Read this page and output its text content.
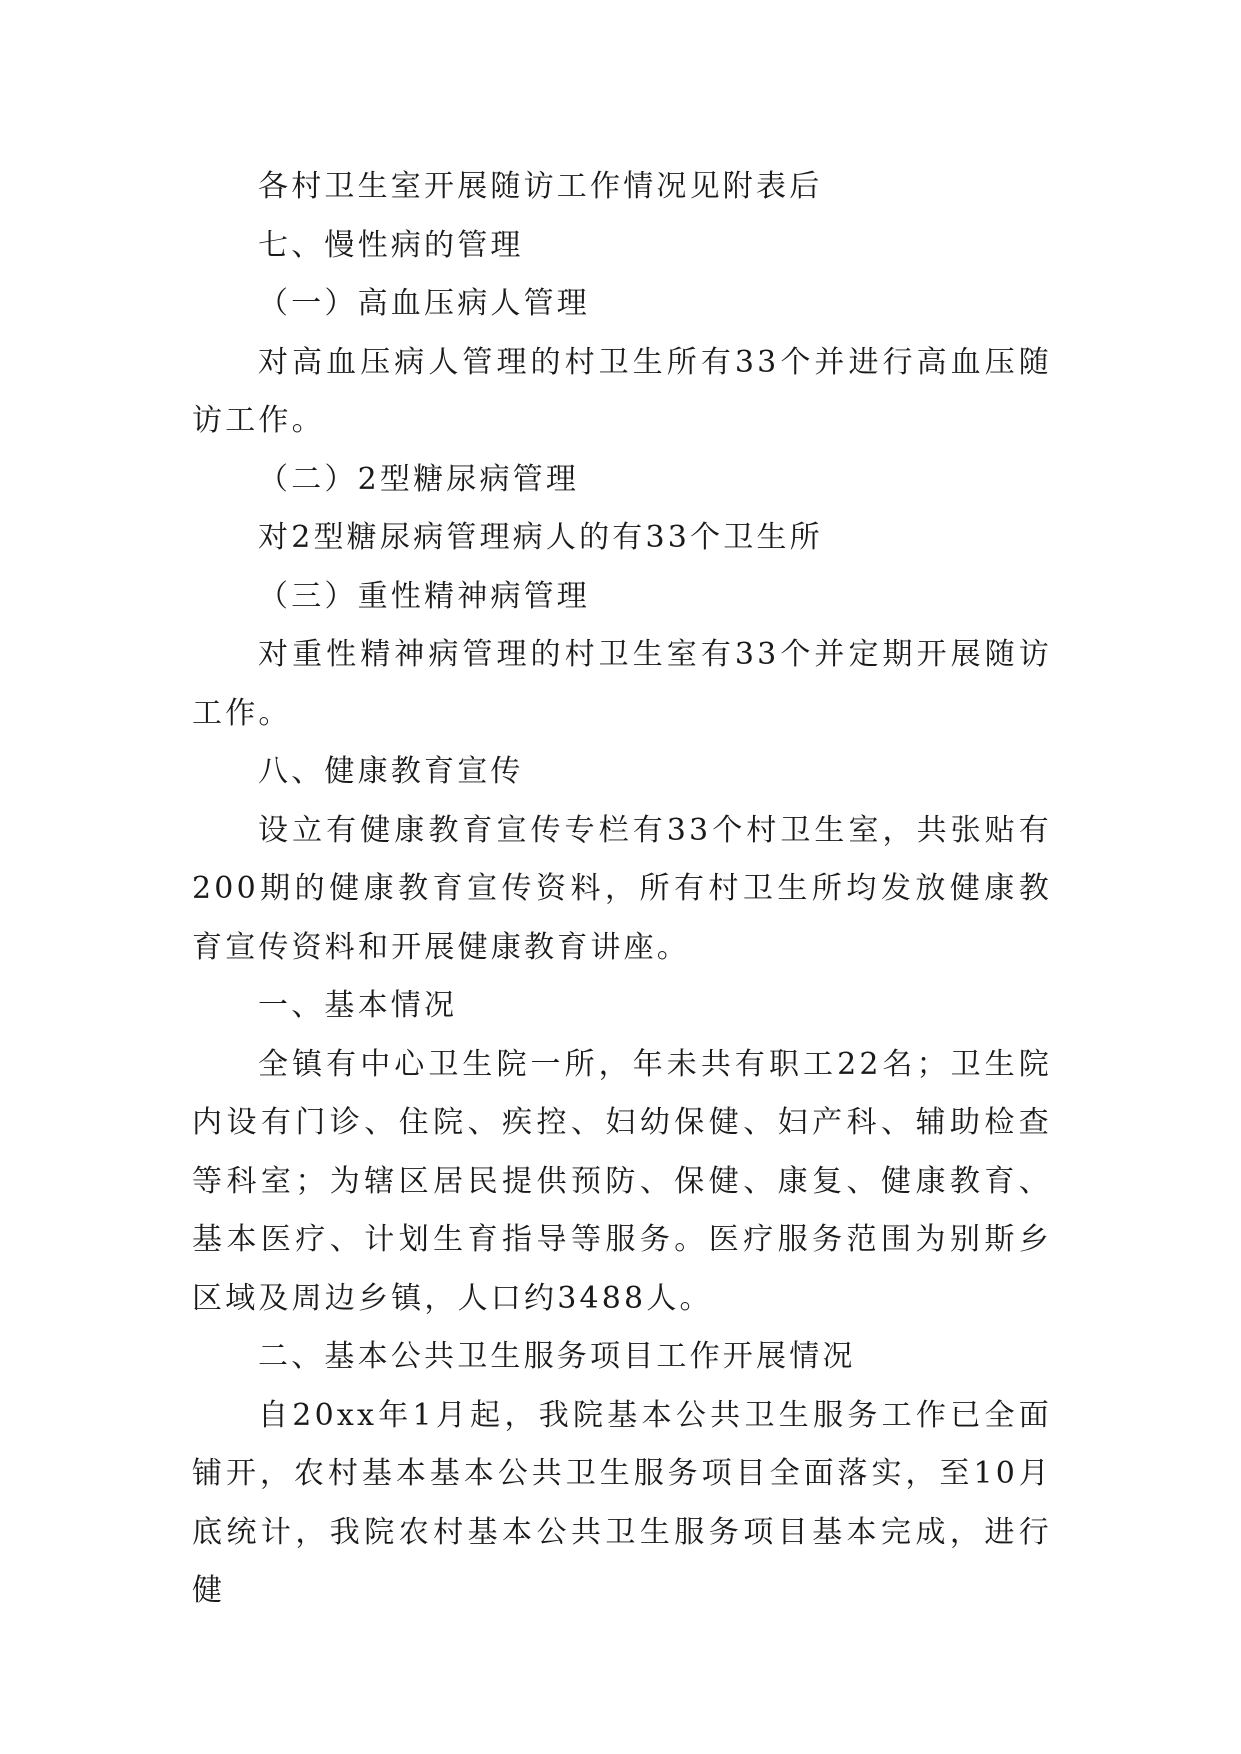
各村卫生室开展随访工作情况见附表后

七、慢性病的管理

（一）高血压病人管理

对高血压病人管理的村卫生所有33个并进行高血压随访工作。

（二）2型糖尿病管理

对2型糖尿病管理病人的有33个卫生所

（三）重性精神病管理

对重性精神病管理的村卫生室有33个并定期开展随访工作。

八、健康教育宣传

设立有健康教育宣传专栏有33个村卫生室，共张贴有200期的健康教育宣传资料，所有村卫生所均发放健康教育宣传资料和开展健康教育讲座。

一、基本情况

全镇有中心卫生院一所，年未共有职工22名；卫生院内设有门诊、住院、疾控、妇幼保健、妇产科、辅助检查等科室；为辖区居民提供预防、保健、康复、健康教育、基本医疗、计划生育指导等服务。医疗服务范围为别斯乡区域及周边乡镇，人口约3488人。

二、基本公共卫生服务项目工作开展情况

自20xx年1月起，我院基本公共卫生服务工作已全面铺开，农村基本基本公共卫生服务项目全面落实，至10月底统计，我院农村基本公共卫生服务项目基本完成，进行健
